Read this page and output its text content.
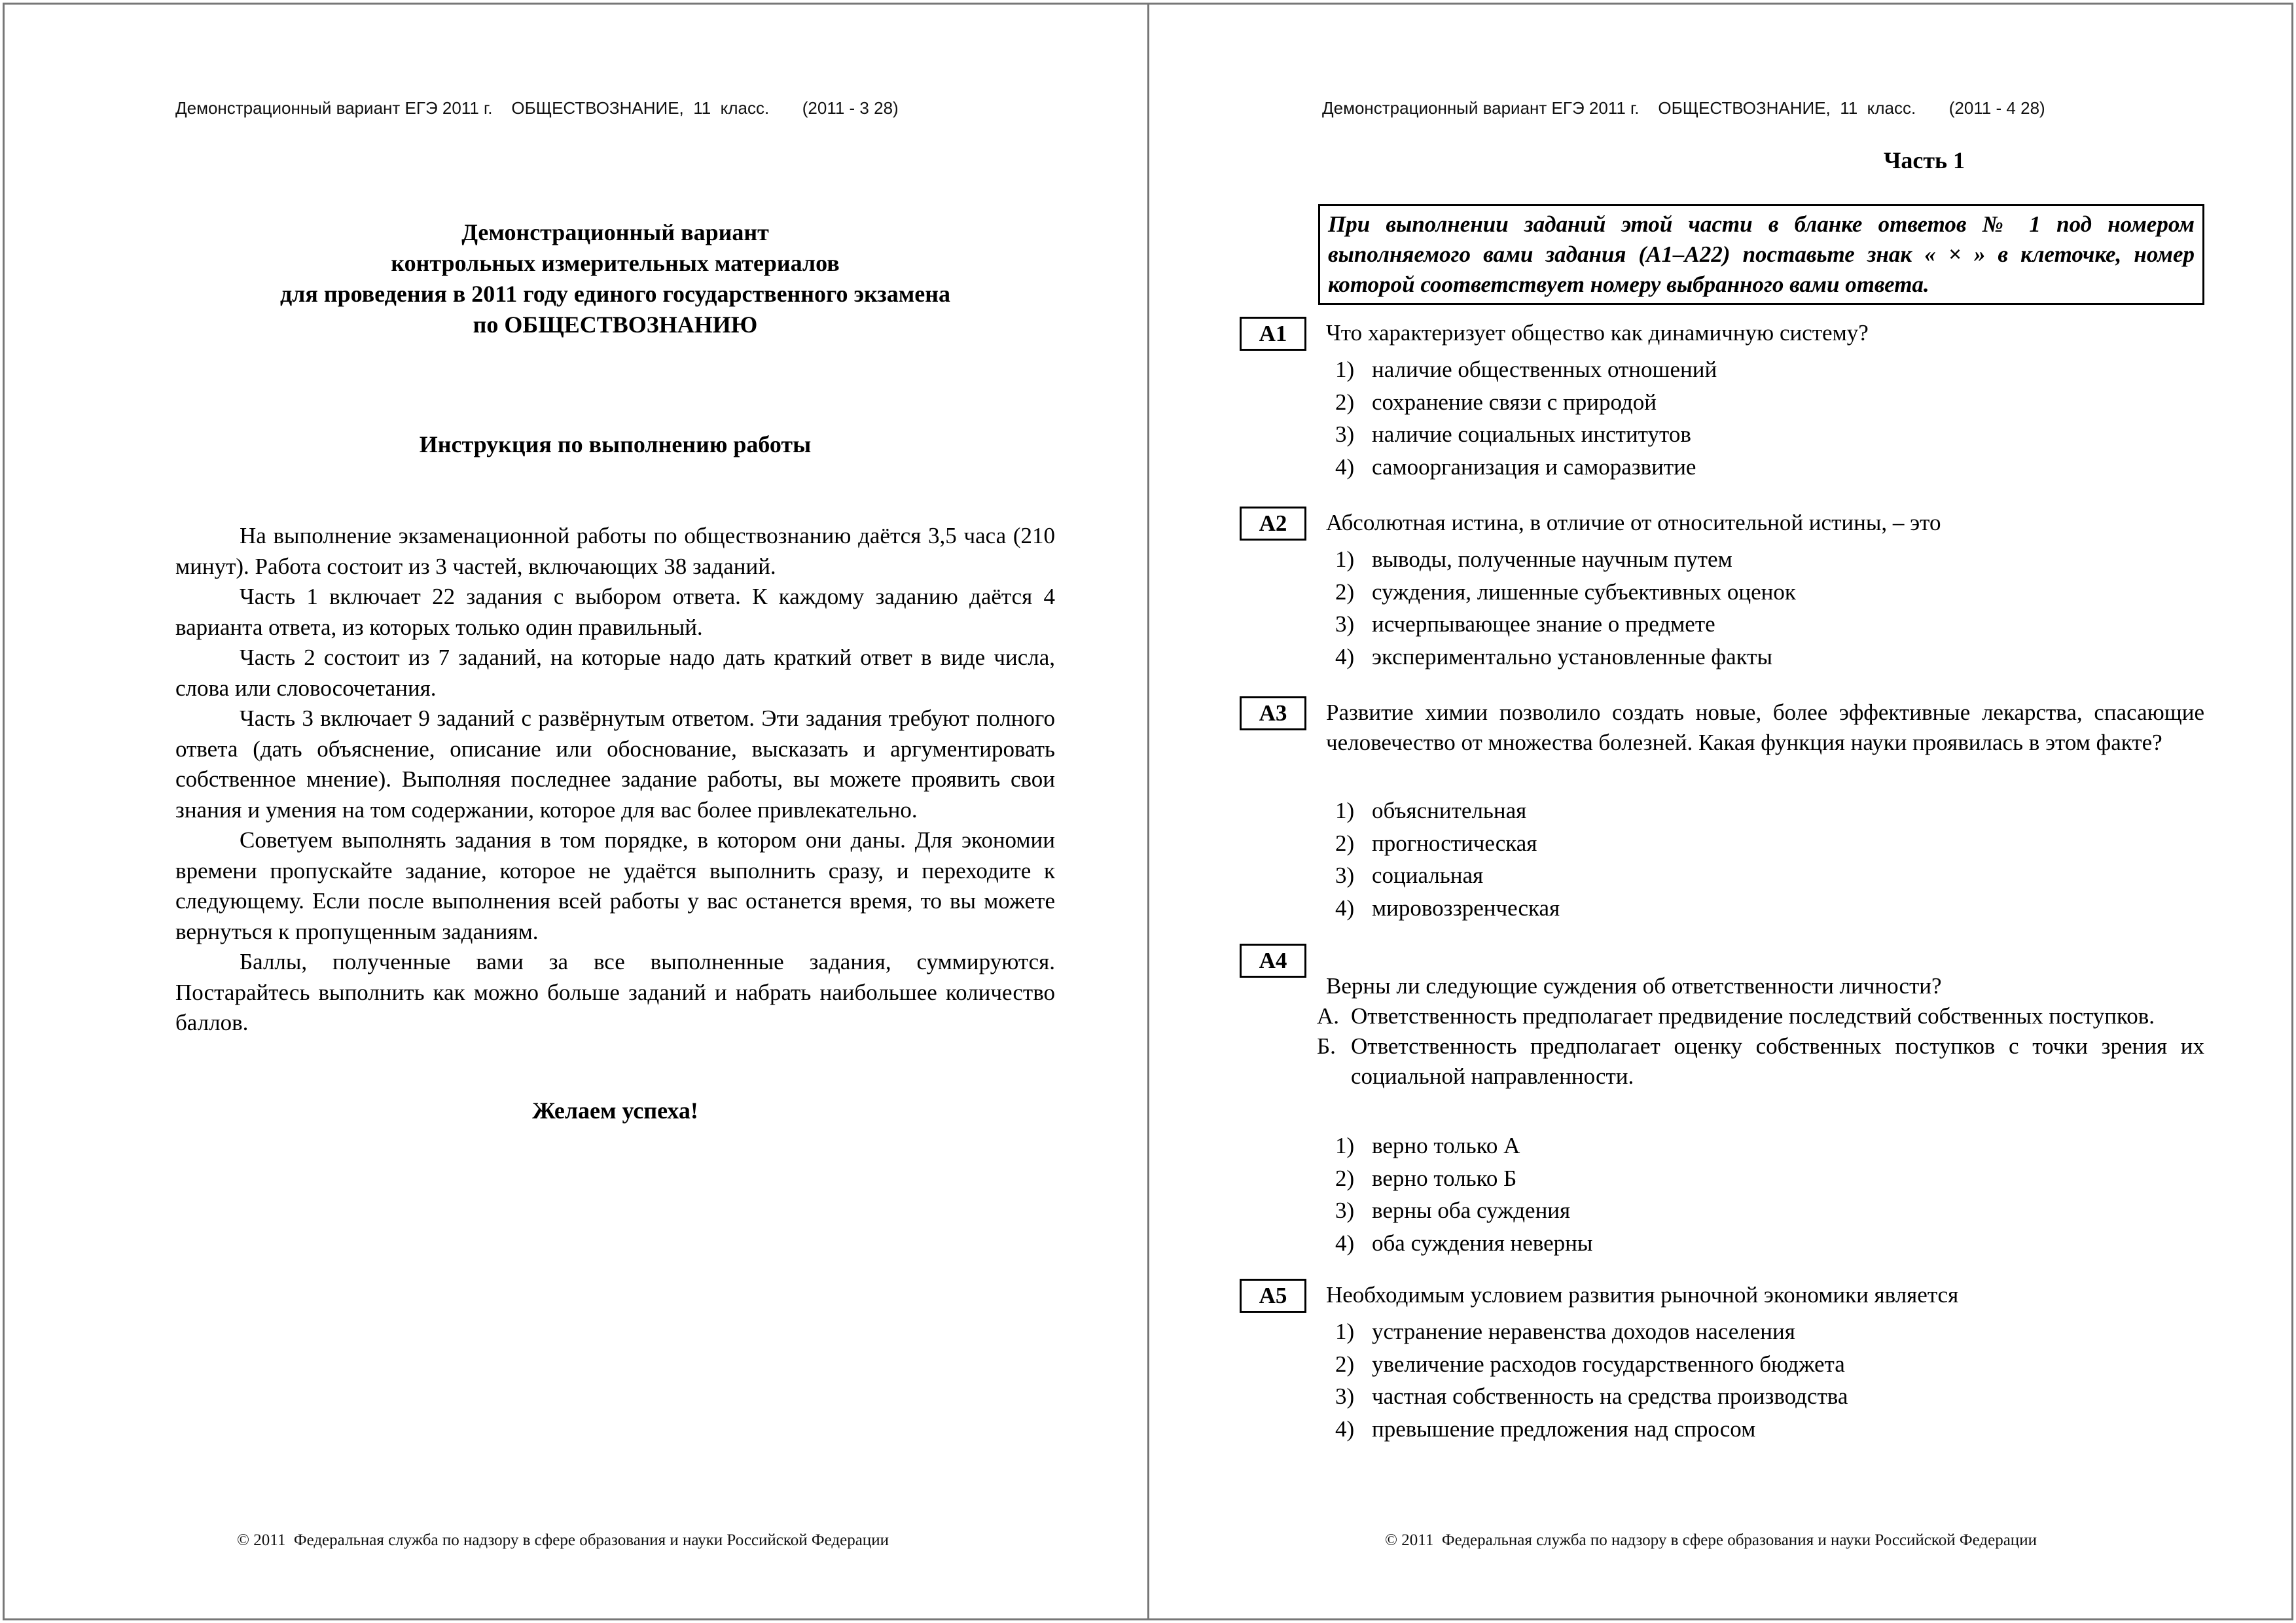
Демонстрационный вариант ЕГЭ 2011 г.    ОБЩЕСТВОЗНАНИЕ,  11  класс.       (2011 - 3 28)
Демонстрационный вариант
контрольных измерительных материалов
для проведения в 2011 году единого государственного экзамена
по ОБЩЕСТВОЗНАНИЮ
Инструкция по выполнению работы

На выполнение экзаменационной работы по обществознанию даётся 3,5 часа (210 минут). Работа состоит из 3 частей, включающих 38 заданий.

Часть 1 включает 22 задания с выбором ответа. К каждому заданию даётся 4 варианта ответа, из которых только один правильный.

Часть 2 состоит из 7 заданий, на которые надо дать краткий ответ в виде числа, слова или словосочетания.

Часть 3 включает 9 заданий с развёрнутым ответом. Эти задания требуют полного ответа (дать объяснение, описание или обоснование, высказать и аргументировать собственное мнение). Выполняя последнее задание работы, вы можете проявить свои знания и умения на том содержании, которое для вас более привлекательно.

Советуем выполнять задания в том порядке, в котором они даны. Для экономии времени пропускайте задание, которое не удаётся выполнить сразу, и переходите к следующему. Если после выполнения всей работы у вас останется время, то вы можете вернуться к пропущенным заданиям.

Баллы, полученные вами за все выполненные задания, суммируются. Постарайтесь выполнить как можно больше заданий и набрать наибольшее количество баллов.

Желаем успеха!
© 2011  Федеральная служба по надзору в сфере образования и науки Российской Федерации
Демонстрационный вариант ЕГЭ 2011 г.    ОБЩЕСТВОЗНАНИЕ,  11  класс.       (2011 - 4 28)
Часть 1
При выполнении заданий этой части в бланке ответов № 1 под номером выполняемого вами задания (А1–А22) поставьте знак « × » в клеточке, номер которой соответствует номеру выбранного вами ответа.
А1	Что характеризует общество как динамичную систему?
1) наличие общественных отношений
2) сохранение связи с природой
3) наличие социальных институтов
4) самоорганизация и саморазвитие
А2	Абсолютная истина, в отличие от относительной истины, – это
1) выводы, полученные научным путем
2) суждения, лишенные субъективных оценок
3) исчерпывающее знание о предмете
4) экспериментально установленные факты
А3	Развитие химии позволило создать новые, более эффективные лекарства, спасающие человечество от множества болезней. Какая функция науки проявилась в этом факте?
1) объяснительная
2) прогностическая
3) социальная
4) мировоззренческая
А4
Верны ли следующие суждения об ответственности личности?
А. Ответственность предполагает предвидение последствий собственных поступков.
Б. Ответственность предполагает оценку собственных поступков с точки зрения их социальной направленности.
1) верно только А
2) верно только Б
3) верны оба суждения
4) оба суждения неверны
А5	Необходимым условием развития рыночной экономики является
1) устранение неравенства доходов населения
2) увеличение расходов государственного бюджета
3) частная собственность на средства производства
4) превышение предложения над спросом
© 2011  Федеральная служба по надзору в сфере образования и науки Российской Федерации
